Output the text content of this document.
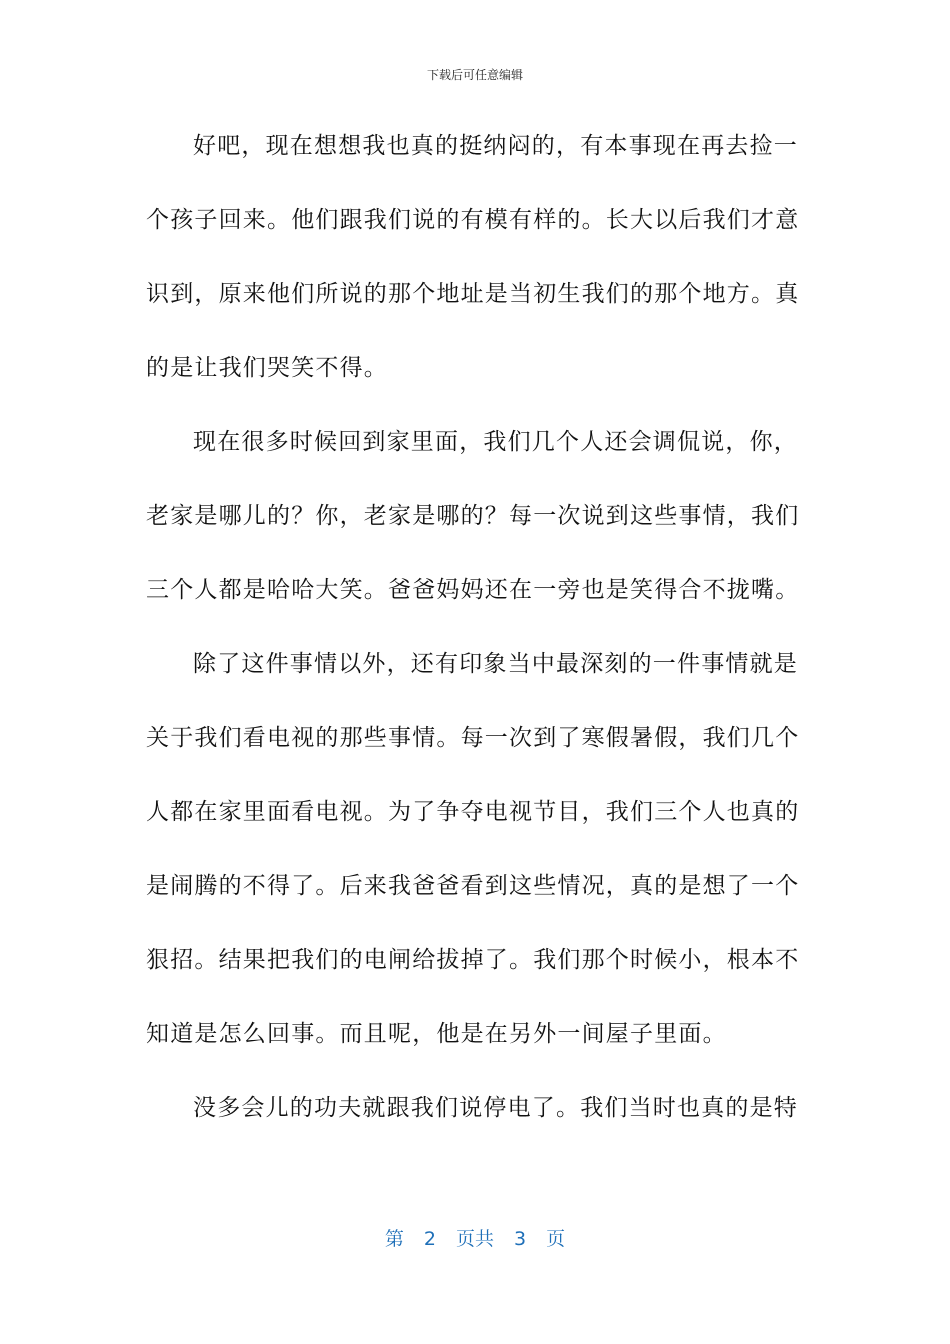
下载后可任意编辑
好吧，现在想想我也真的挺纳闷的，有本事现在再去捡一
个孩子回来。他们跟我们说的有模有样的。长大以后我们才意
识到，原来他们所说的那个地址是当初生我们的那个地方。真
的是让我们哭笑不得。
现在很多时候回到家里面，我们几个人还会调侃说，你，
老家是哪儿的？你，老家是哪的？每一次说到这些事情，我们
三个人都是哈哈大笑。爸爸妈妈还在一旁也是笑得合不拢嘴。
除了这件事情以外，还有印象当中最深刻的一件事情就是
关于我们看电视的那些事情。每一次到了寒假暑假，我们几个
人都在家里面看电视。为了争夺电视节目，我们三个人也真的
是闹腾的不得了。后来我爸爸看到这些情况，真的是想了一个
狠招。结果把我们的电闸给拔掉了。我们那个时候小，根本不
知道是怎么回事。而且呢，他是在另外一间屋子里面。
没多会儿的功夫就跟我们说停电了。我们当时也真的是特
第 2 页共 3 页
